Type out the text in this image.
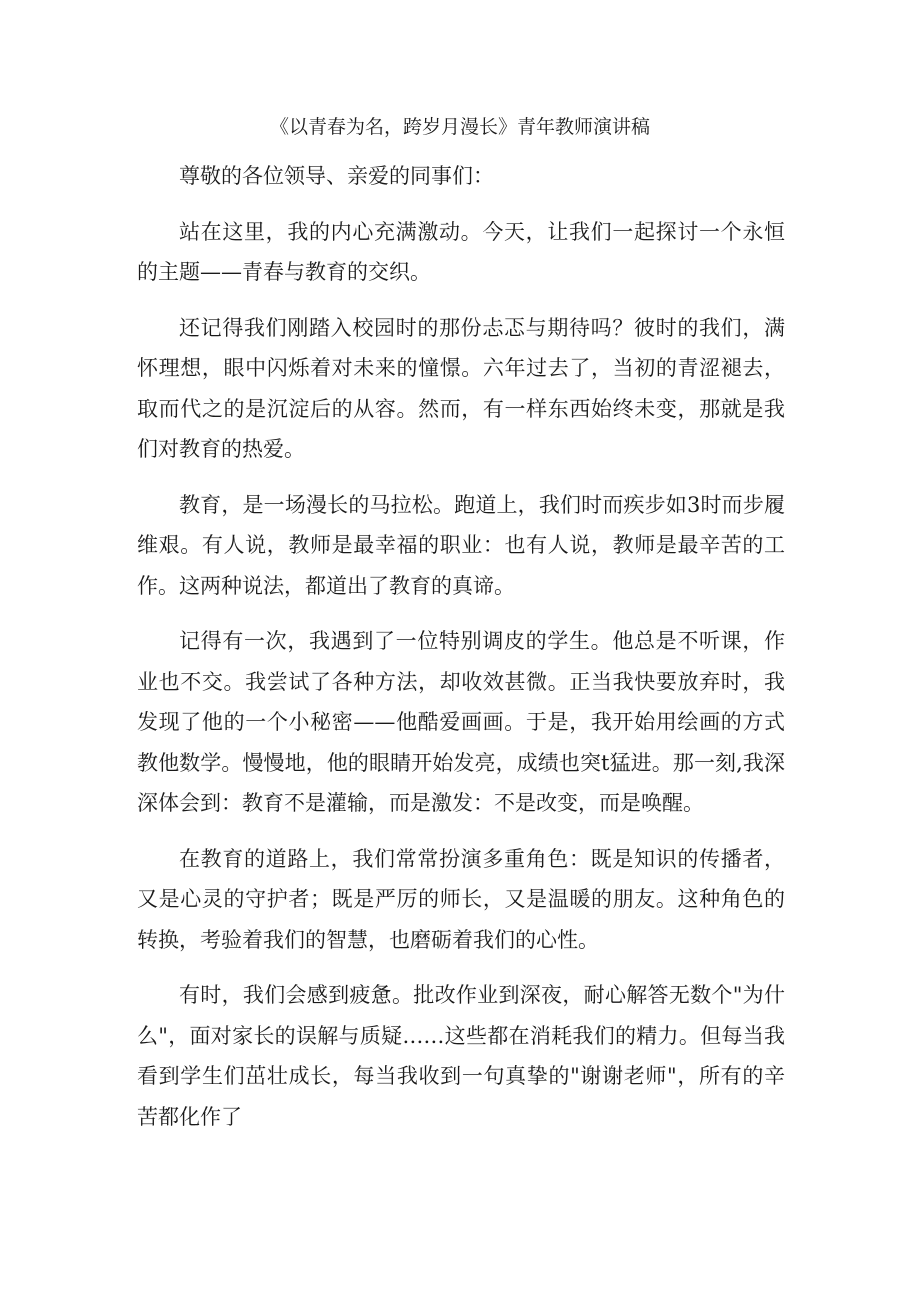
《以青春为名，跨岁月漫长》青年教师演讲稿

尊敬的各位领导、亲爱的同事们：

站在这里，我的内心充满激动。今天，让我们一起探讨一个永恒的主题——青春与教育的交织。

还记得我们刚踏入校园时的那份忐忑与期待吗？彼时的我们，满怀理想，眼中闪烁着对未来的憧憬。六年过去了，当初的青涩褪去，取而代之的是沉淀后的从容。然而，有一样东西始终未变，那就是我们对教育的热爱。

教育，是一场漫长的马拉松。跑道上，我们时而疾步如3时而步履维艰。有人说，教师是最幸福的职业：也有人说，教师是最辛苦的工作。这两种说法，都道出了教育的真谛。

记得有一次，我遇到了一位特别调皮的学生。他总是不听课，作业也不交。我尝试了各种方法，却收效甚微。正当我快要放弃时，我发现了他的一个小秘密——他酷爱画画。于是，我开始用绘画的方式教他数学。慢慢地，他的眼睛开始发亮，成绩也突t猛进。那一刻,我深深体会到：教育不是灌输，而是激发：不是改变，而是唤醒。

在教育的道路上，我们常常扮演多重角色：既是知识的传播者，又是心灵的守护者；既是严厉的师长，又是温暖的朋友。这种角色的转换，考验着我们的智慧，也磨砺着我们的心性。

有时，我们会感到疲惫。批改作业到深夜，耐心解答无数个"为什么"，面对家长的误解与质疑……这些都在消耗我们的精力。但每当我看到学生们茁壮成长，每当我收到一句真挚的"谢谢老师"，所有的辛苦都化作了
